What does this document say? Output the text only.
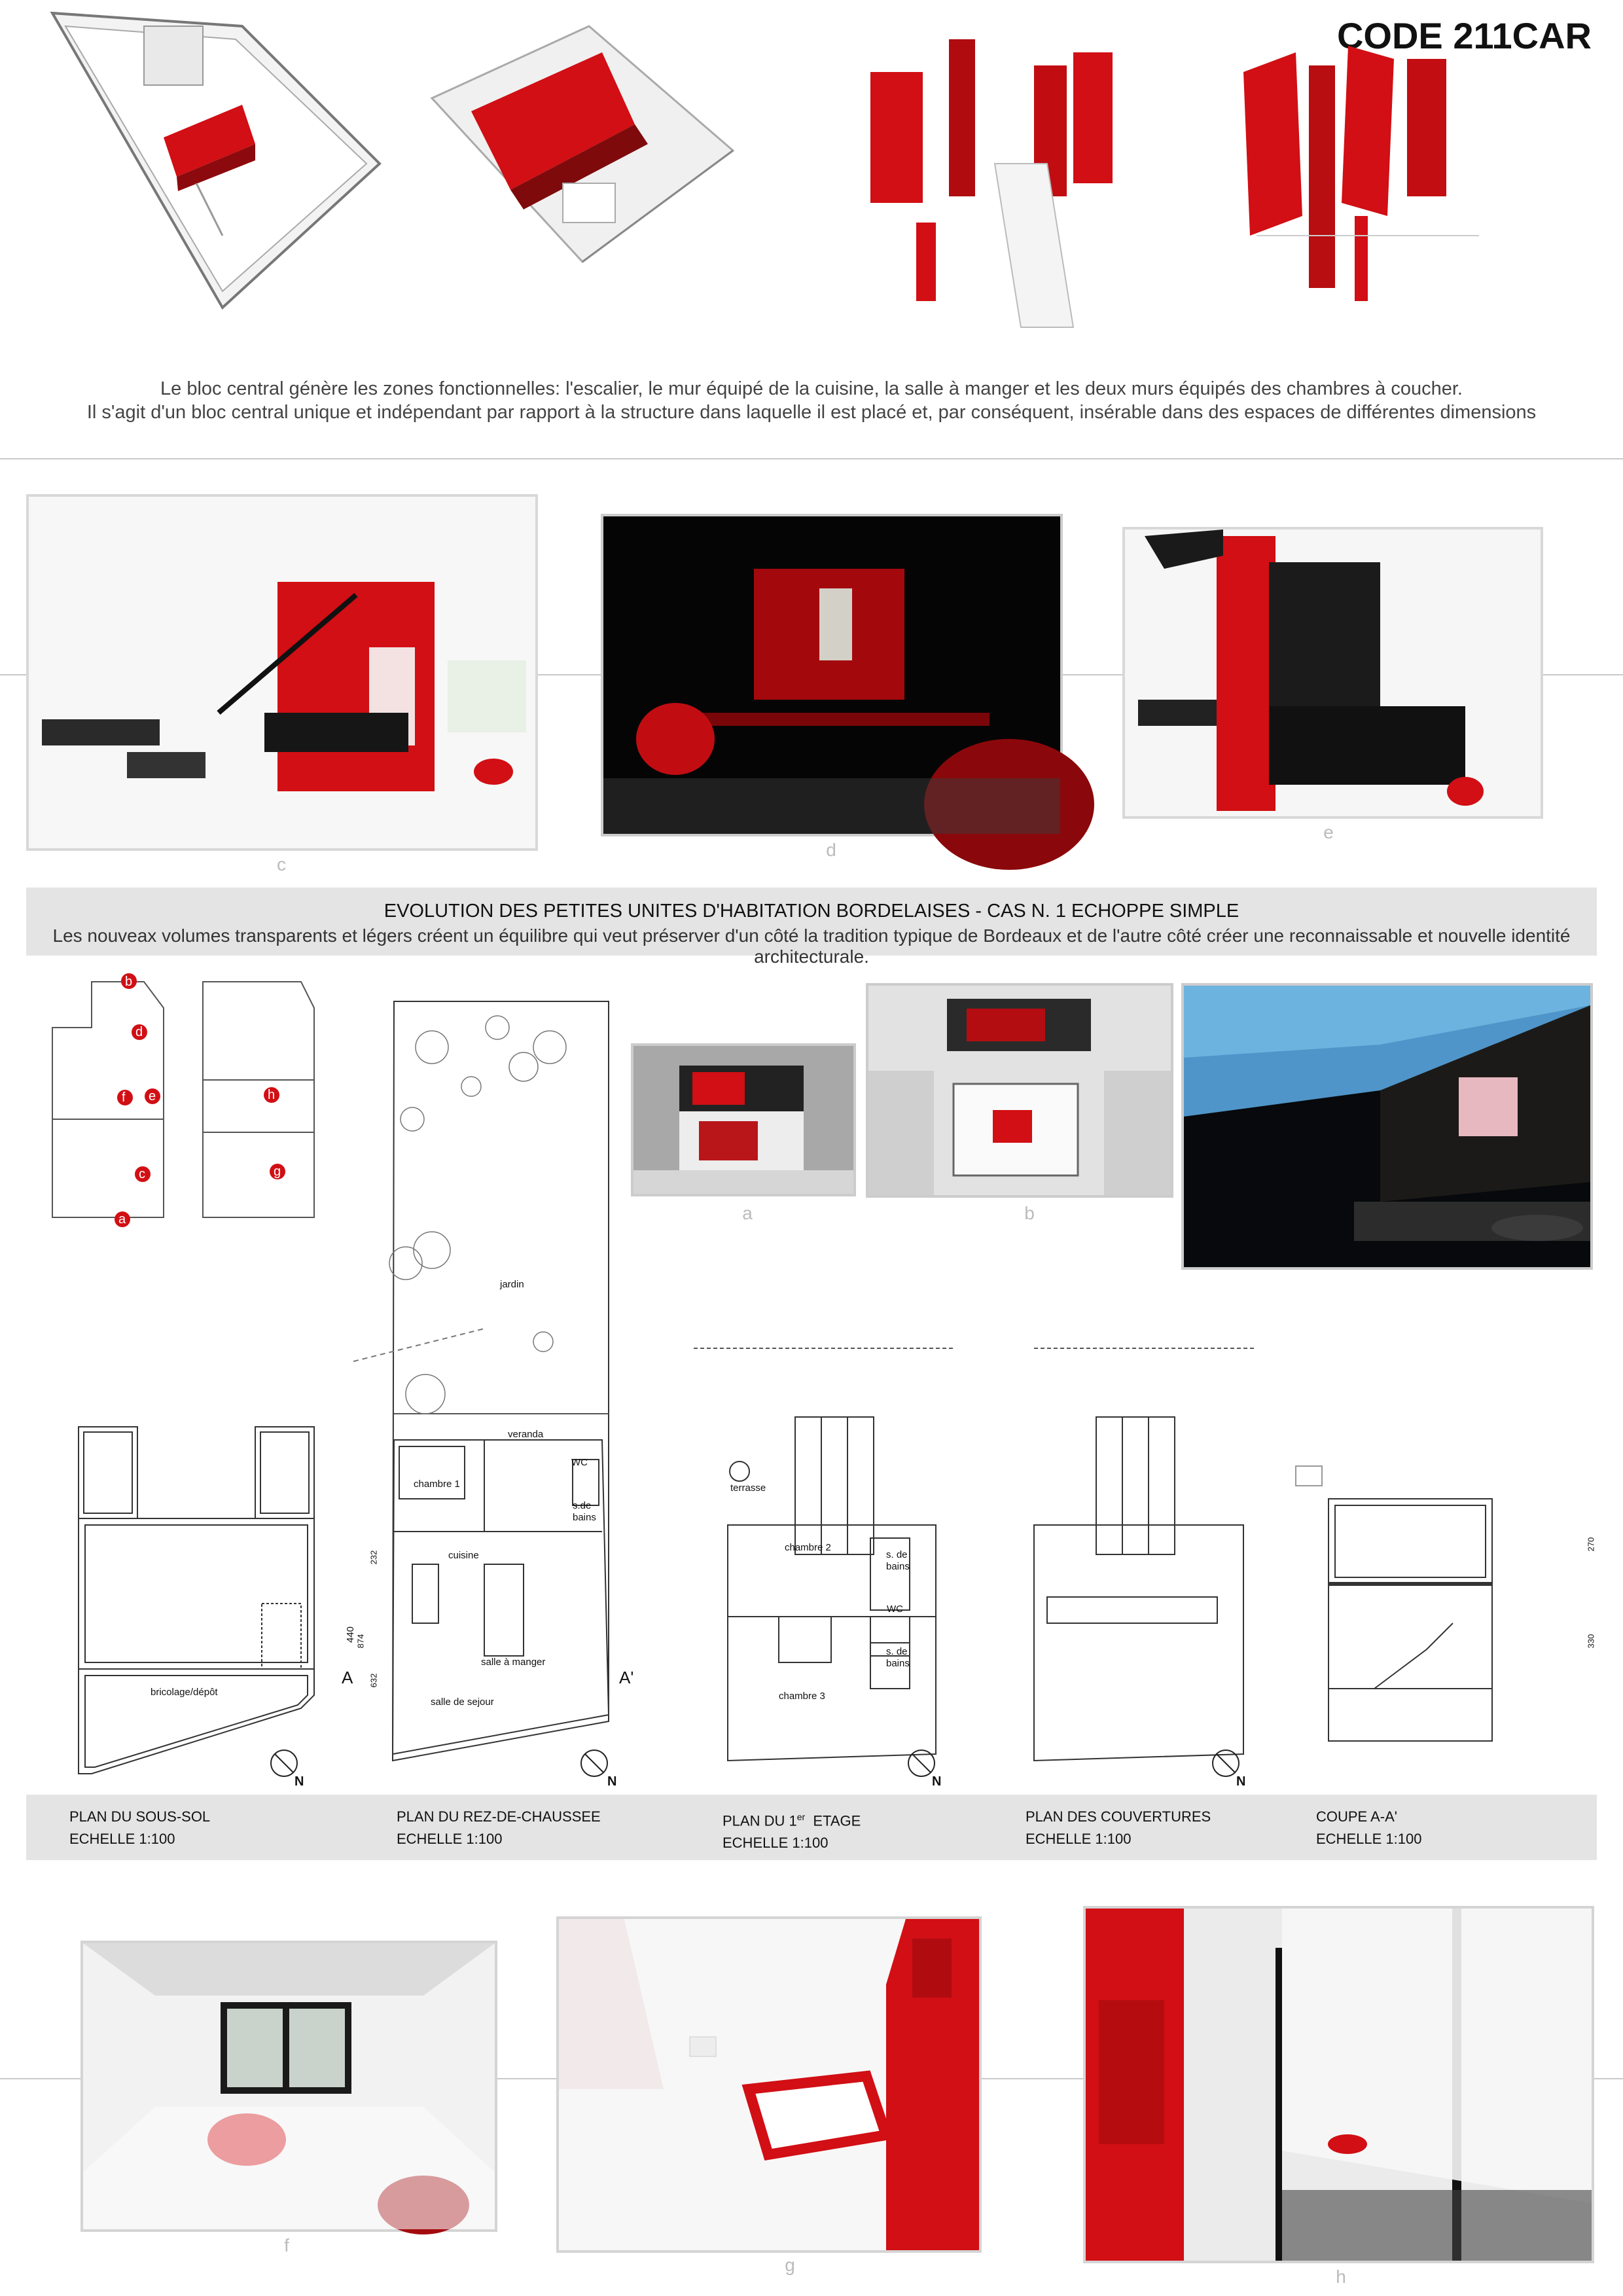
CODE 211CAR
Le bloc central génère les zones fonctionnelles: l'escalier, le mur équipé de la cuisine, la salle à manger et les deux murs équipés des chambres à coucher.
Il s'agit d'un bloc central unique et indépendant par rapport à la structure dans laquelle il est placé et, par conséquent, insérable dans des espaces de différentes dimensions
c
d
e
EVOLUTION DES PETITES UNITES D'HABITATION BORDELAISES - CAS N. 1 ECHOPPE SIMPLE
Les nouveax volumes transparents et légers créent un équilibre qui veut préserver d'un côté la tradition typique de Bordeaux et de l'autre côté créer une reconnaissable et nouvelle identité architecturale.
b
d
f e
c
a
h
g
a	b
440
jardin
veranda
chambre 1
WC
s.de
bains
cuisine
salle à manger
salle de sejour
A	A'
232
874
632
bricolage/dépôt
terrasse
chambre 2
chambre 3
s. de
bains
WC
s. de
bains
270
330
N	N	N	N
PLAN DU SOUS-SOL
ECHELLE 1:100
PLAN DU REZ-DE-CHAUSSEE
ECHELLE 1:100
PLAN DU 1er  ETAGE
ECHELLE 1:100
PLAN DES COUVERTURES
ECHELLE 1:100
COUPE A-A'
ECHELLE 1:100
f
g
h
